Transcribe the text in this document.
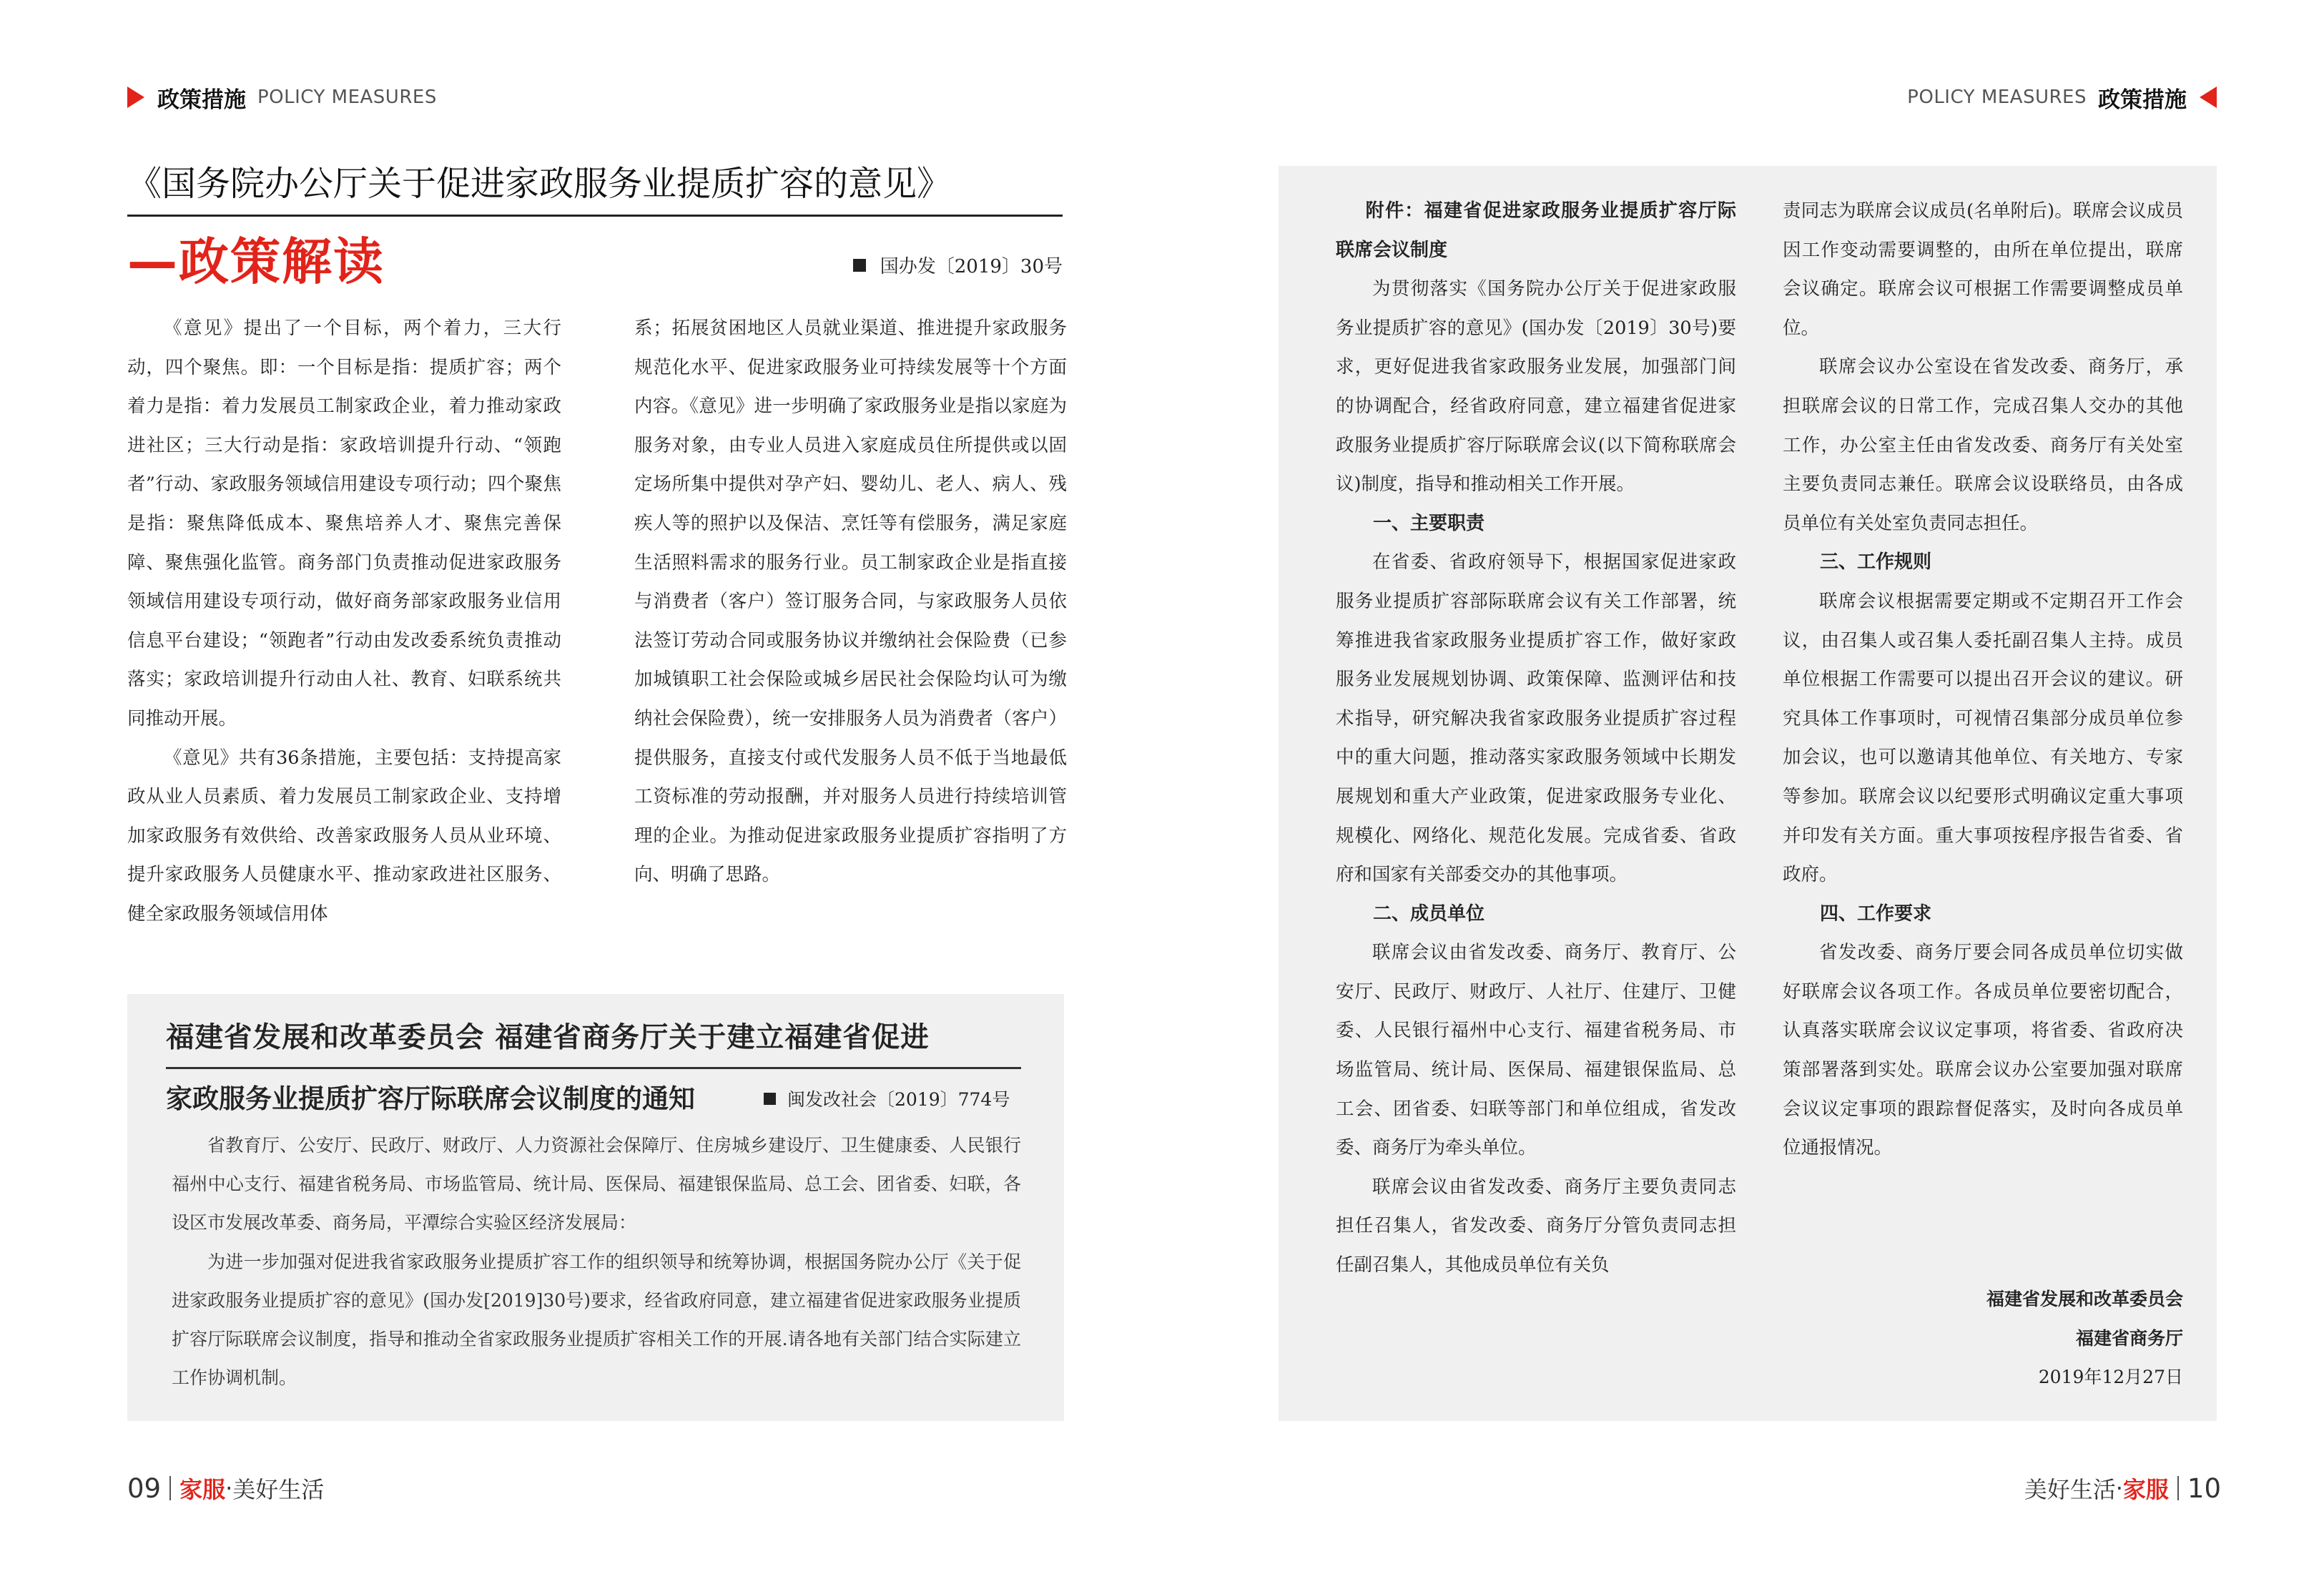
政策措施 POLICY MEASURES
《国务院办公厅关于促进家政服务业提质扩容的意见》
—政策解读	国办发〔2019〕30号

《意见》提出了一个目标，两个着力，三大行动，四个聚焦。即：一个目标是指：提质扩容；两个着力是指：着力发展员工制家政企业，着力推动家政进社区；三大行动是指：家政培训提升行动、“领跑者”行动、家政服务领域信用建设专项行动；四个聚焦是指：聚焦降低成本、聚焦培养人才、聚焦完善保障、聚焦强化监管。商务部门负责推动促进家政服务领域信用建设专项行动，做好商务部家政服务业信用信息平台建设；“领跑者”行动由发改委系统负责推动落实；家政培训提升行动由人社、教育、妇联系统共同推动开展。

《意见》共有36条措施，主要包括：支持提高家政从业人员素质、着力发展员工制家政企业、支持增加家政服务有效供给、改善家政服务人员从业环境、提升家政服务人员健康水平、推动家政进社区服务、健全家政服务领域信用体

系；拓展贫困地区人员就业渠道、推进提升家政服务规范化水平、促进家政服务业可持续发展等十个方面内容。《意见》进一步明确了家政服务业是指以家庭为服务对象，由专业人员进入家庭成员住所提供或以固定场所集中提供对孕产妇、婴幼儿、老人、病人、残疾人等的照护以及保洁、烹饪等有偿服务，满足家庭生活照料需求的服务行业。员工制家政企业是指直接与消费者（客户）签订服务合同，与家政服务人员依法签订劳动合同或服务协议并缴纳社会保险费（已参加城镇职工社会保险或城乡居民社会保险均认可为缴纳社会保险费），统一安排服务人员为消费者（客户）提供服务，直接支付或代发服务人员不低于当地最低工资标准的劳动报酬，并对服务人员进行持续培训管理的企业。为推动促进家政服务业提质扩容指明了方向、明确了思路。

福建省发展和改革委员会 福建省商务厅关于建立福建省促进
家政服务业提质扩容厅际联席会议制度的通知	闽发改社会〔2019〕774号

省教育厅、公安厅、民政厅、财政厅、人力资源社会保障厅、住房城乡建设厅、卫生健康委、人民银行福州中心支行、福建省税务局、市场监管局、统计局、医保局、福建银保监局、总工会、团省委、妇联，各设区市发展改革委、商务局，平潭综合实验区经济发展局：

为进一步加强对促进我省家政服务业提质扩容工作的组织领导和统筹协调，根据国务院办公厅《关于促进家政服务业提质扩容的意见》(国办发[2019]30号)要求，经省政府同意，建立福建省促进家政服务业提质扩容厅际联席会议制度，指导和推动全省家政服务业提质扩容相关工作的开展.请各地有关部门结合实际建立工作协调机制。

09 家服 · 美好生活
POLICY MEASURES 政策措施
附件：福建省促进家政服务业提质扩容厅际联席会议制度

为贯彻落实《国务院办公厅关于促进家政服务业提质扩容的意见》(国办发〔2019〕30号)要求，更好促进我省家政服务业发展，加强部门间的协调配合，经省政府同意，建立福建省促进家政服务业提质扩容厅际联席会议(以下简称联席会议)制度，指导和推动相关工作开展。

一、主要职责

在省委、省政府领导下，根据国家促进家政服务业提质扩容部际联席会议有关工作部署，统筹推进我省家政服务业提质扩容工作，做好家政服务业发展规划协调、政策保障、监测评估和技术指导，研究解决我省家政服务业提质扩容过程中的重大问题，推动落实家政服务领域中长期发展规划和重大产业政策，促进家政服务专业化、规模化、网络化、规范化发展。完成省委、省政府和国家有关部委交办的其他事项。

二、成员单位

联席会议由省发改委、商务厅、教育厅、公安厅、民政厅、财政厅、人社厅、住建厅、卫健委、人民银行福州中心支行、福建省税务局、市场监管局、统计局、医保局、福建银保监局、总工会、团省委、妇联等部门和单位组成，省发改委、商务厅为牵头单位。

联席会议由省发改委、商务厅主要负责同志担任召集人，省发改委、商务厅分管负责同志担任副召集人，其他成员单位有关负

责同志为联席会议成员(名单附后)。联席会议成员因工作变动需要调整的，由所在单位提出，联席会议确定。联席会议可根据工作需要调整成员单位。

联席会议办公室设在省发改委、商务厅，承担联席会议的日常工作，完成召集人交办的其他工作，办公室主任由省发改委、商务厅有关处室主要负责同志兼任。联席会议设联络员，由各成员单位有关处室负责同志担任。

三、工作规则

联席会议根据需要定期或不定期召开工作会议，由召集人或召集人委托副召集人主持。成员单位根据工作需要可以提出召开会议的建议。研究具体工作事项时，可视情召集部分成员单位参加会议，也可以邀请其他单位、有关地方、专家等参加。联席会议以纪要形式明确议定重大事项并印发有关方面。重大事项按程序报告省委、省政府。

四、工作要求

省发改委、商务厅要会同各成员单位切实做好联席会议各项工作。各成员单位要密切配合，认真落实联席会议议定事项，将省委、省政府决策部署落到实处。联席会议办公室要加强对联席会议议定事项的跟踪督促落实，及时向各成员单位通报情况。

福建省发展和改革委员会
福建省商务厅
2019年12月27日
美好生活 · 家服 10
